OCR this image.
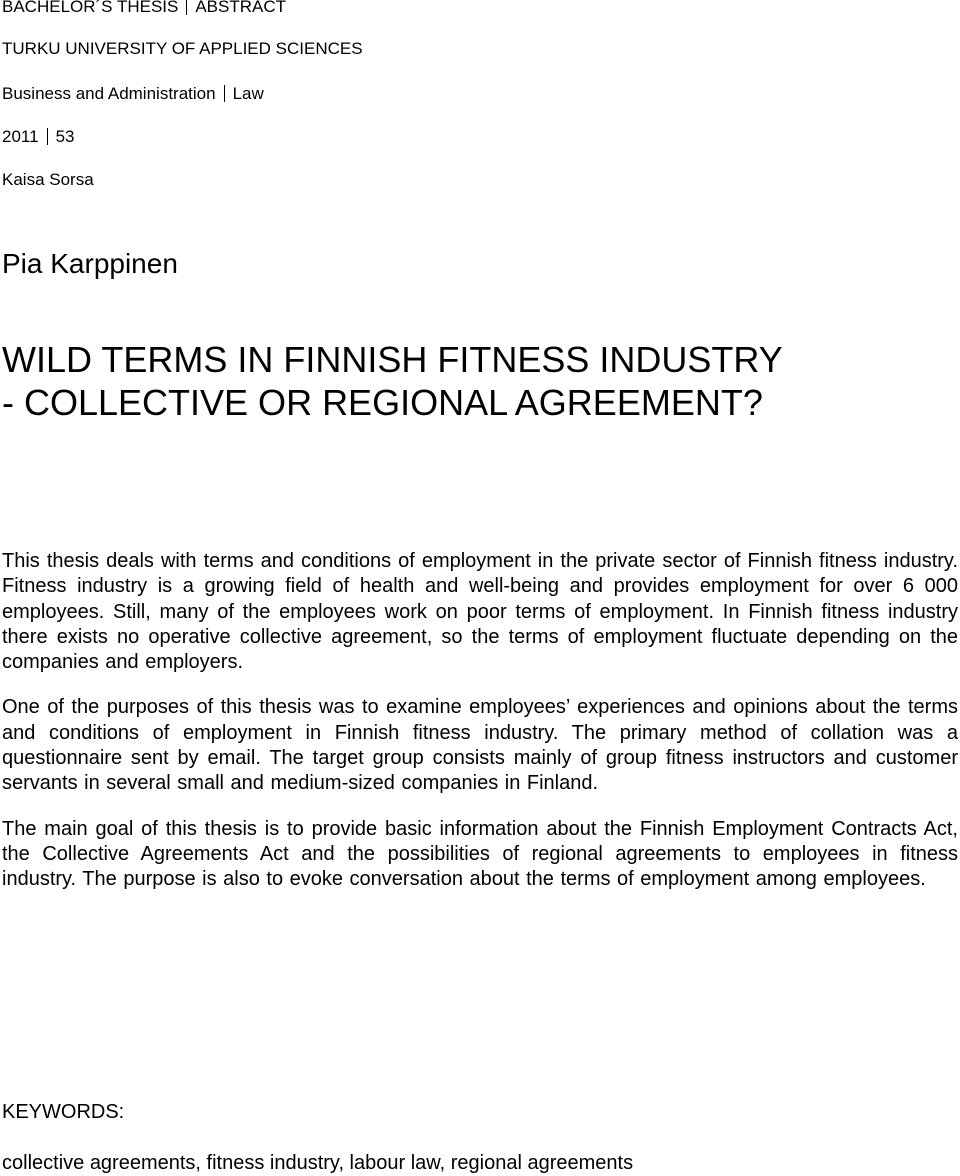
BACHELOR´S THESIS ABSTRACT
TURKU UNIVERSITY OF APPLIED SCIENCES
Business and Administration Law
2011 53
Kaisa Sorsa
Pia Karppinen
WILD TERMS IN FINNISH FITNESS INDUSTRY
- COLLECTIVE OR REGIONAL AGREEMENT?

This thesis deals with terms and conditions of employment in the private sector of Finnish fitness industry. Fitness industry is a growing field of health and well-being and provides employment for over 6 000 employees. Still, many of the employees work on poor terms of employment. In Finnish fitness industry there exists no operative collective agreement, so the terms of employment fluctuate depending on the companies and employers.

One of the purposes of this thesis was to examine employees’ experiences and opinions about the terms and conditions of employment in Finnish fitness industry. The primary method of collation was a questionnaire sent by email. The target group consists mainly of group fitness instructors and customer servants in several small and medium-sized companies in Finland.

The main goal of this thesis is to provide basic information about the Finnish Employment Contracts Act, the Collective Agreements Act and the possibilities of regional agreements to employees in fitness industry. The purpose is also to evoke conversation about the terms of employment among employees.

KEYWORDS:
collective agreements, fitness industry, labour law, regional agreements
